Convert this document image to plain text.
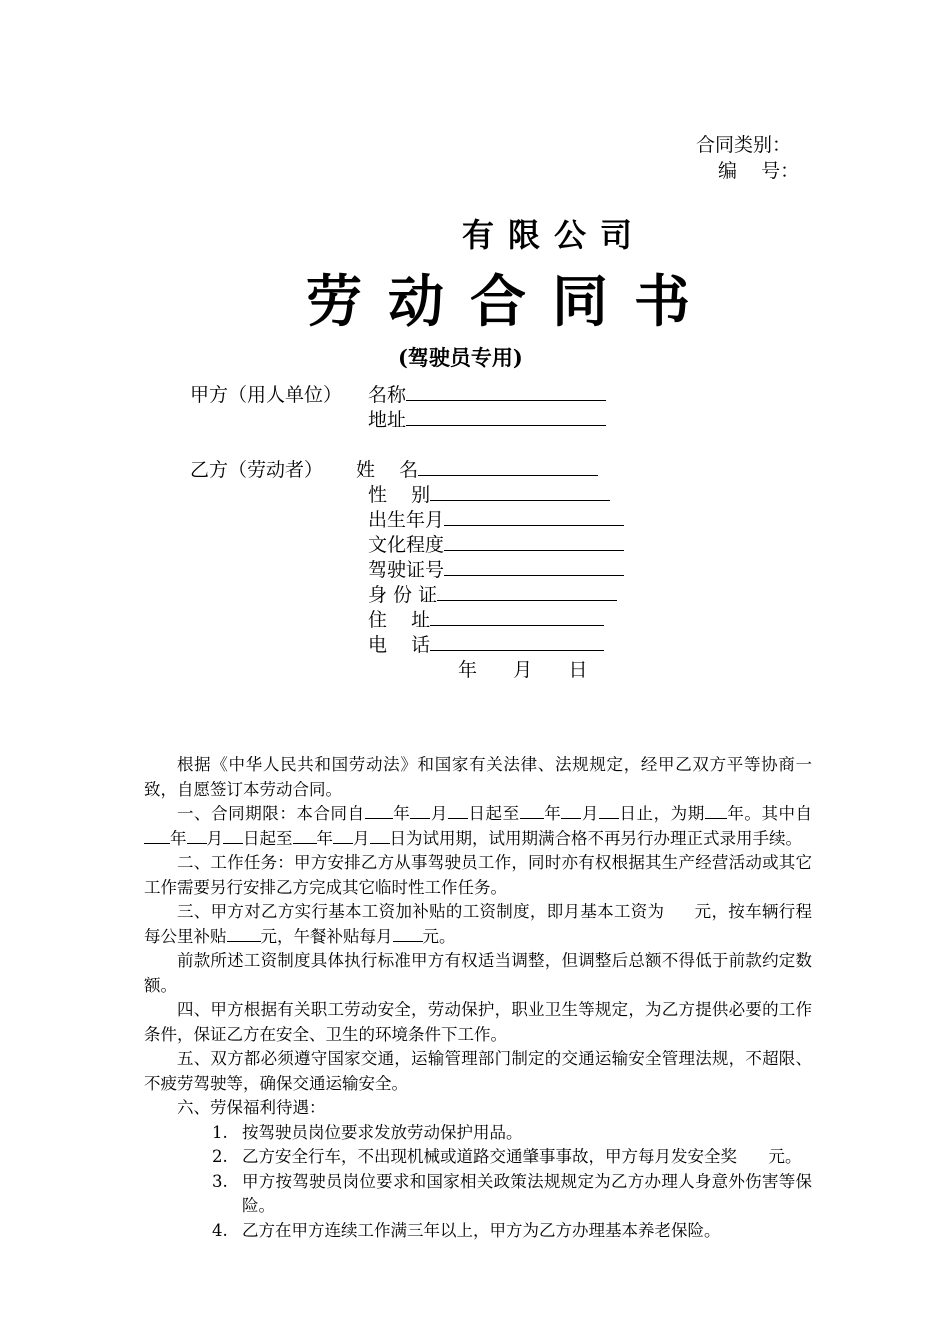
合同类别：
编    号：
有限公司
劳动合同书
(驾驶员专用)
甲方（用人单位） 名称
地址
乙方（劳动者） 姓    名
性    别
出生年月
文化程度
驾驶证号
身 份 证
住    址
电    话
年      月      日

根据《中华人民共和国劳动法》和国家有关法律、法规规定，经甲乙双方平等协商一致，自愿签订本劳动合同。

一、合同期限：本合同自 年 月 日起至 年 月 日止，为期 年。其中自年 月 日起至 年 月 日为试用期，试用期满合格不再另行办理正式录用手续。

二、工作任务：甲方安排乙方从事驾驶员工作，同时亦有权根据其生产经营活动或其它工作需要另行安排乙方完成其它临时性工作任务。

三、甲方对乙方实行基本工资加补贴的工资制度，即月基本工资为 元，按车辆行程每公里补贴 元，午餐补贴每月 元。

前款所述工资制度具体执行标准甲方有权适当调整，但调整后总额不得低于前款约定数额。

四、甲方根据有关职工劳动安全，劳动保护，职业卫生等规定，为乙方提供必要的工作条件，保证乙方在安全、卫生的环境条件下工作。

五、双方都必须遵守国家交通，运输管理部门制定的交通运输安全管理法规，不超限、不疲劳驾驶等，确保交通运输安全。

六、劳保福利待遇：

1. 按驾驶员岗位要求发放劳动保护用品。

2. 乙方安全行车，不出现机械或道路交通肇事事故，甲方每月发安全奖      元。

3. 甲方按驾驶员岗位要求和国家相关政策法规规定为乙方办理人身意外伤害等保险。

4. 乙方在甲方连续工作满三年以上，甲方为乙方办理基本养老保险。
